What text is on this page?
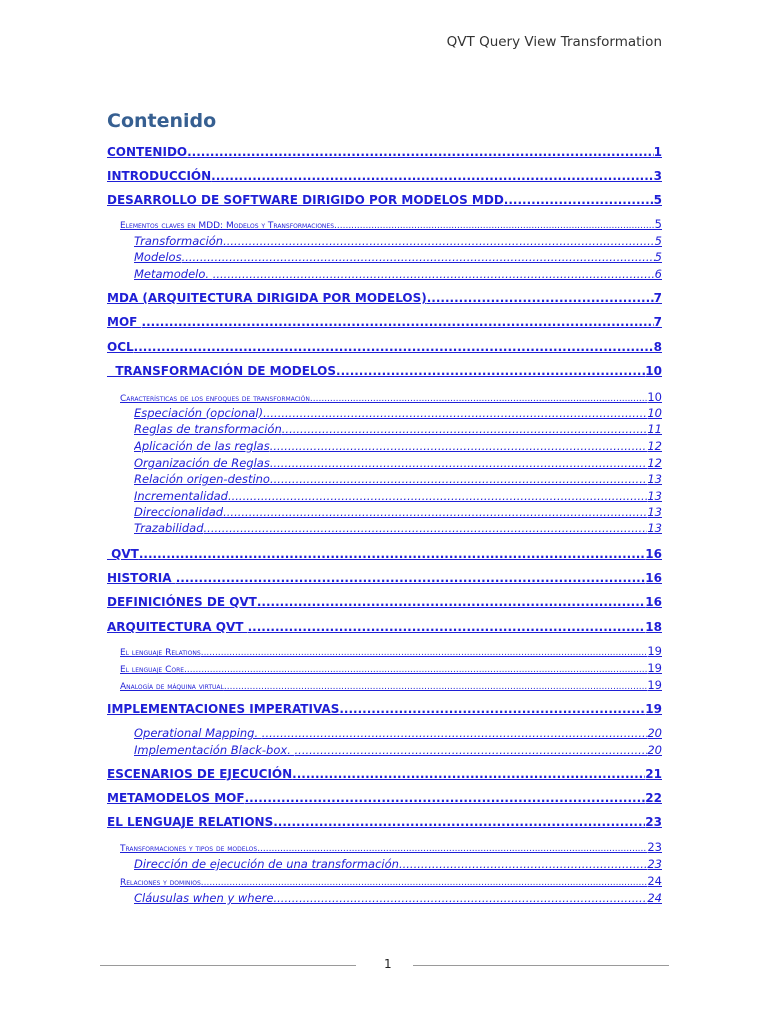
QVT Query View Transformation
Contenido
CONTENIDO .....	1
INTRODUCCIÓN .....	3
DESARROLLO DE SOFTWARE DIRIGIDO POR MODELOS MDD .....	5
Elementos claves en MDD: Modelos y Transformaciones .....	5
Transformación .....	5
Modelos .....	5
Metamodelo. .....	6
MDA (ARQUITECTURA DIRIGIDA POR MODELOS) .....	7
MOF .....	7
OCL .....	8
TRANSFORMACIÓN DE MODELOS .....	10
Características de los enfoques de transformación .....	10
Especiación (opcional) .....	10
Reglas de transformación .....	11
Aplicación de las reglas .....	12
Organización de Reglas .....	12
Relación origen-destino .....	13
Incrementalidad .....	13
Direccionalidad .....	13
Trazabilidad .....	13
QVT .....	16
HISTORIA .....	16
DEFINICIÓNES DE QVT .....	16
ARQUITECTURA QVT .....	18
El lenguaje Relations .....	19
El lenguaje Core .....	19
Analogía de máquina virtual .....	19
IMPLEMENTACIONES IMPERATIVAS .....	19
Operational Mapping. .....	20
Implementación Black-box. .....	20
ESCENARIOS DE EJECUCIÓN .....	21
METAMODELOS MOF .....	22
EL LENGUAJE RELATIONS .....	23
Transformaciones y tipos de modelos .....	23
Dirección de ejecución de una transformación .....	23
Relaciones y dominios .....	24
Cláusulas when y where .....	24
1
